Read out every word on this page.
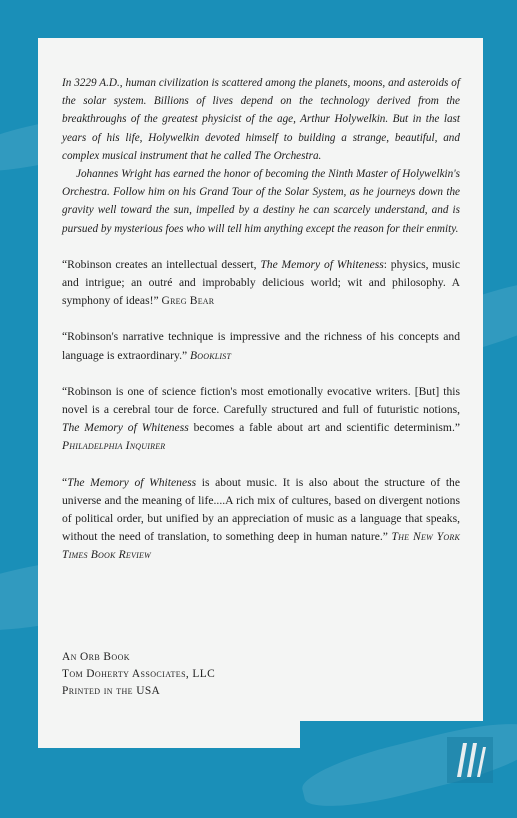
In 3229 A.D., human civilization is scattered among the planets, moons, and asteroids of the solar system. Billions of lives depend on the technology derived from the breakthroughs of the greatest physicist of the age, Arthur Holywelkin. But in the last years of his life, Holywelkin devoted himself to building a strange, beautiful, and complex musical instrument that he called The Orchestra.

Johannes Wright has earned the honor of becoming the Ninth Master of Holywelkin's Orchestra. Follow him on his Grand Tour of the Solar System, as he journeys down the gravity well toward the sun, impelled by a destiny he can scarcely understand, and is pursued by mysterious foes who will tell him anything except the reason for their enmity.

“Robinson creates an intellectual dessert, The Memory of Whiteness: physics, music and intrigue; an outré and improbably delicious world; wit and philosophy. A symphony of ideas!” Greg Bear
“Robinson's narrative technique is impressive and the richness of his concepts and language is extraordinary.” Booklist
“Robinson is one of science fiction's most emotionally evocative writers. [But] this novel is a cerebral tour de force. Carefully structured and full of futuristic notions, The Memory of Whiteness becomes a fable about art and scientific determinism.” Philadelphia Inquirer
“The Memory of Whiteness is about music. It is also about the structure of the universe and the meaning of life....A rich mix of cultures, based on divergent notions of political order, but unified by an appreciation of music as a language that speaks, without the need of translation, to something deep in human nature.” The New York Times Book Review
An Orb Book
Tom Doherty Associates, LLC
Printed in the USA
